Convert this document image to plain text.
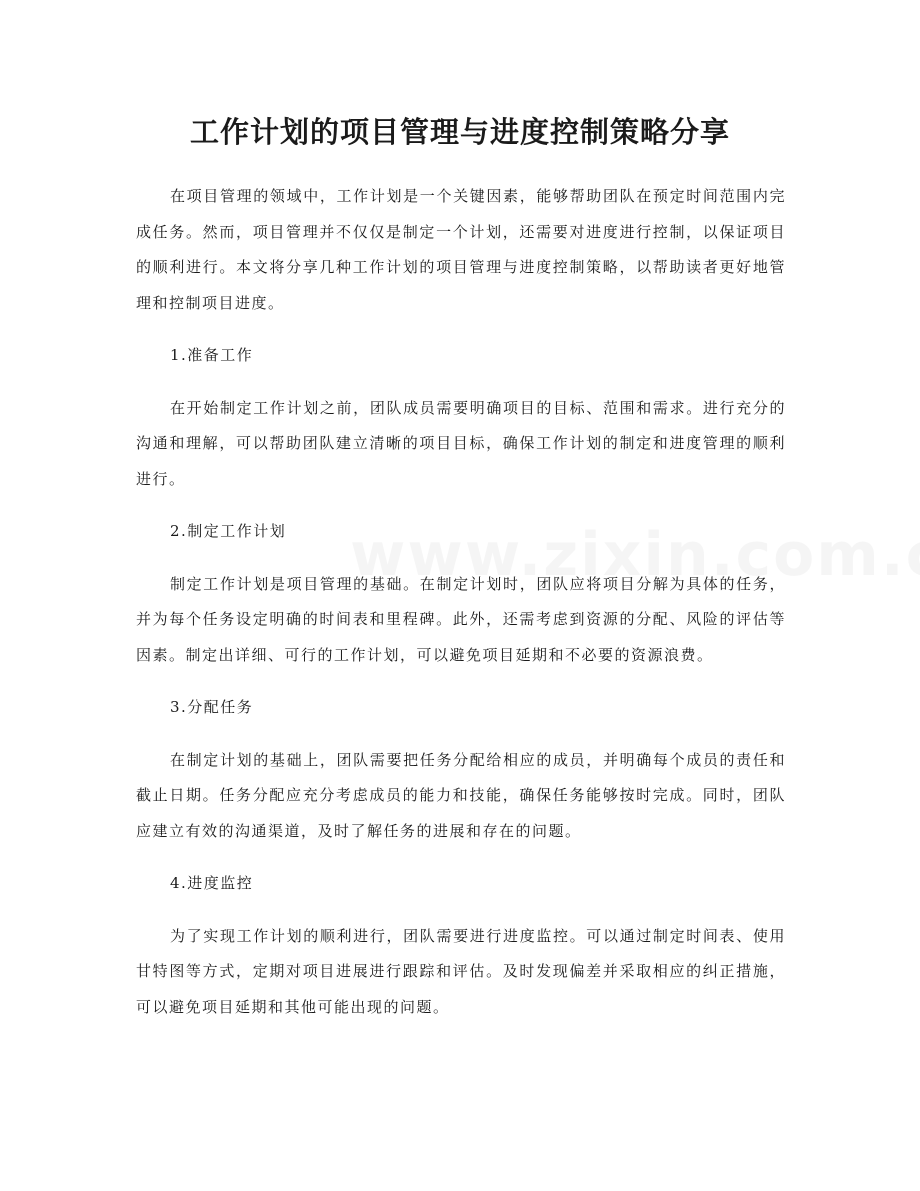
工作计划的项目管理与进度控制策略分享

在项目管理的领域中，工作计划是一个关键因素，能够帮助团队在预定时间范围内完成任务。然而，项目管理并不仅仅是制定一个计划，还需要对进度进行控制，以保证项目的顺利进行。本文将分享几种工作计划的项目管理与进度控制策略，以帮助读者更好地管理和控制项目进度。

1.准备工作

在开始制定工作计划之前，团队成员需要明确项目的目标、范围和需求。进行充分的沟通和理解，可以帮助团队建立清晰的项目目标，确保工作计划的制定和进度管理的顺利进行。

2.制定工作计划

制定工作计划是项目管理的基础。在制定计划时，团队应将项目分解为具体的任务，并为每个任务设定明确的时间表和里程碑。此外，还需考虑到资源的分配、风险的评估等因素。制定出详细、可行的工作计划，可以避免项目延期和不必要的资源浪费。

3.分配任务

在制定计划的基础上，团队需要把任务分配给相应的成员，并明确每个成员的责任和截止日期。任务分配应充分考虑成员的能力和技能，确保任务能够按时完成。同时，团队应建立有效的沟通渠道，及时了解任务的进展和存在的问题。

4.进度监控

为了实现工作计划的顺利进行，团队需要进行进度监控。可以通过制定时间表、使用甘特图等方式，定期对项目进展进行跟踪和评估。及时发现偏差并采取相应的纠正措施，可以避免项目延期和其他可能出现的问题。
